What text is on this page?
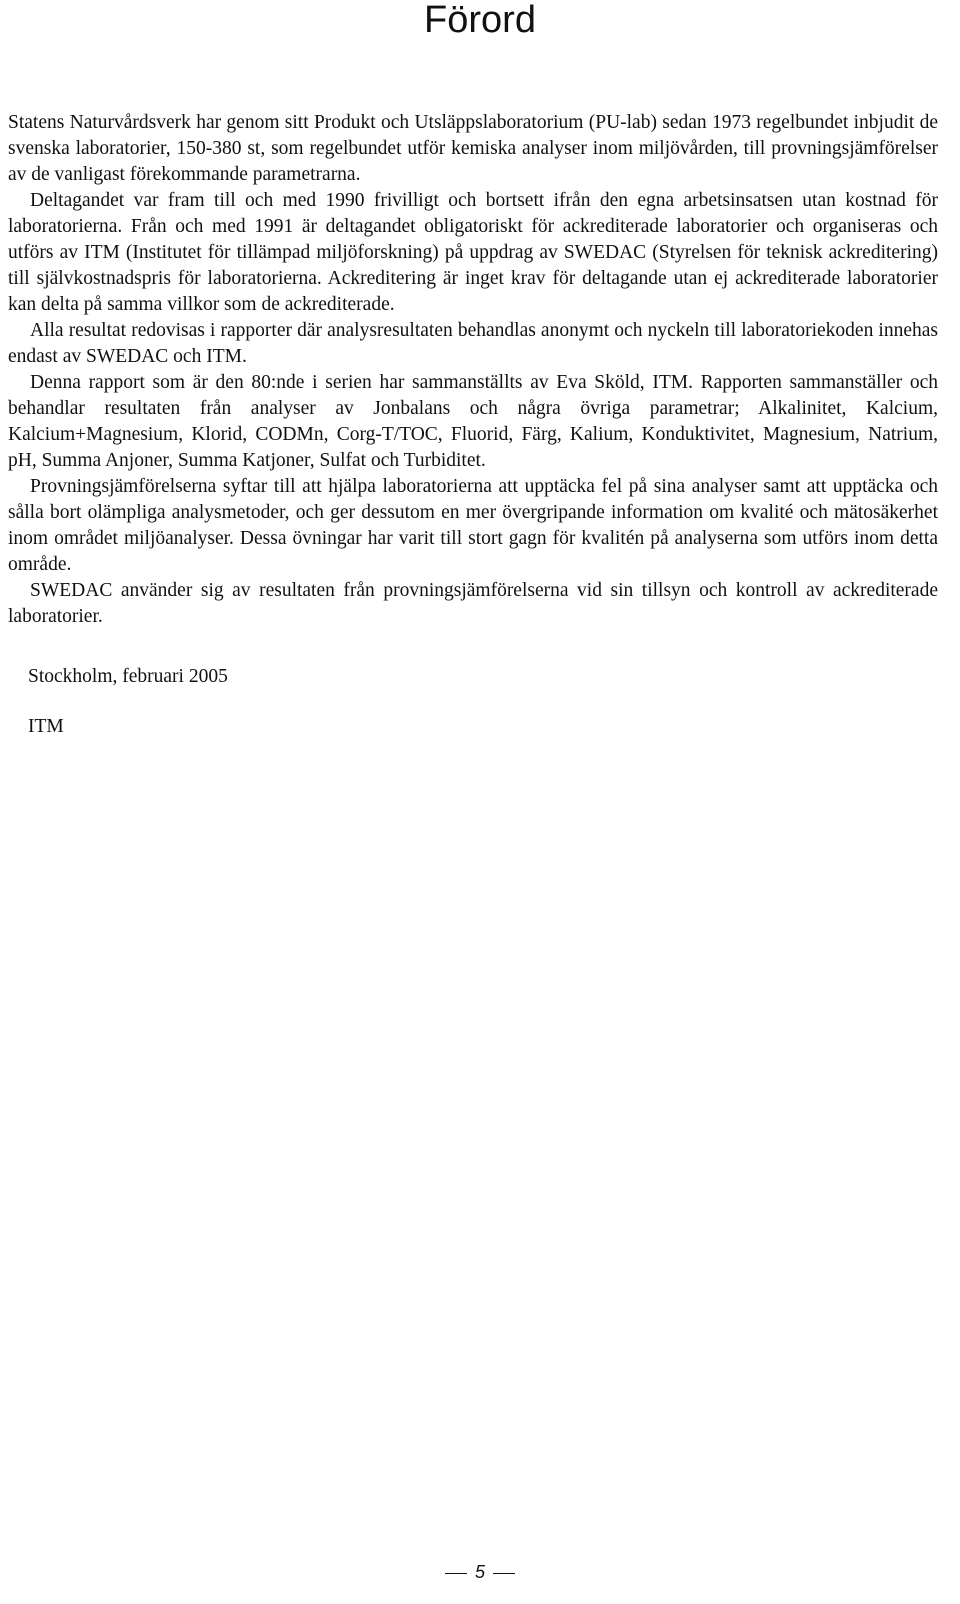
Förord

Statens Naturvårdsverk har genom sitt Produkt och Utsläppslaboratorium (PU-lab) sedan 1973 regelbundet inbjudit de svenska laboratorier, 150-380 st, som regelbundet utför kemiska analyser inom miljövården, till provningsjämförelser av de vanligast förekommande parametrarna.

Deltagandet var fram till och med 1990 frivilligt och bortsett ifrån den egna arbetsinsatsen utan kostnad för laboratorierna. Från och med 1991 är deltagandet obligatoriskt för ackrediterade laboratorier och organiseras och utförs av ITM (Institutet för tillämpad miljöforskning) på uppdrag av SWEDAC (Styrelsen för teknisk ackreditering) till självkostnadspris för laboratorierna. Ackreditering är inget krav för deltagande utan ej ackrediterade laboratorier kan delta på samma villkor som de ackrediterade.

Alla resultat redovisas i rapporter där analysresultaten behandlas anonymt och nyckeln till laboratoriekoden innehas endast av SWEDAC och ITM.

Denna rapport som är den 80:nde i serien har sammanställts av Eva Sköld, ITM. Rapporten sammanställer och behandlar resultaten från analyser av Jonbalans och några övriga parametrar; Alkalinitet, Kalcium, Kalcium+Magnesium, Klorid, CODMn, Corg-T/TOC, Fluorid, Färg, Kalium, Konduktivitet, Magnesium, Natrium, pH, Summa Anjoner, Summa Katjoner, Sulfat och Turbiditet.

Provningsjämförelserna syftar till att hjälpa laboratorierna att upptäcka fel på sina analyser samt att upptäcka och sålla bort olämpliga analysmetoder, och ger dessutom en mer övergripande information om kvalité och mätosäkerhet inom området miljöanalyser. Dessa övningar har varit till stort gagn för kvalitén på analyserna som utförs inom detta område.

SWEDAC använder sig av resultaten från provningsjämförelserna vid sin tillsyn och kontroll av ackrediterade laboratorier.

Stockholm, februari 2005

ITM

5
